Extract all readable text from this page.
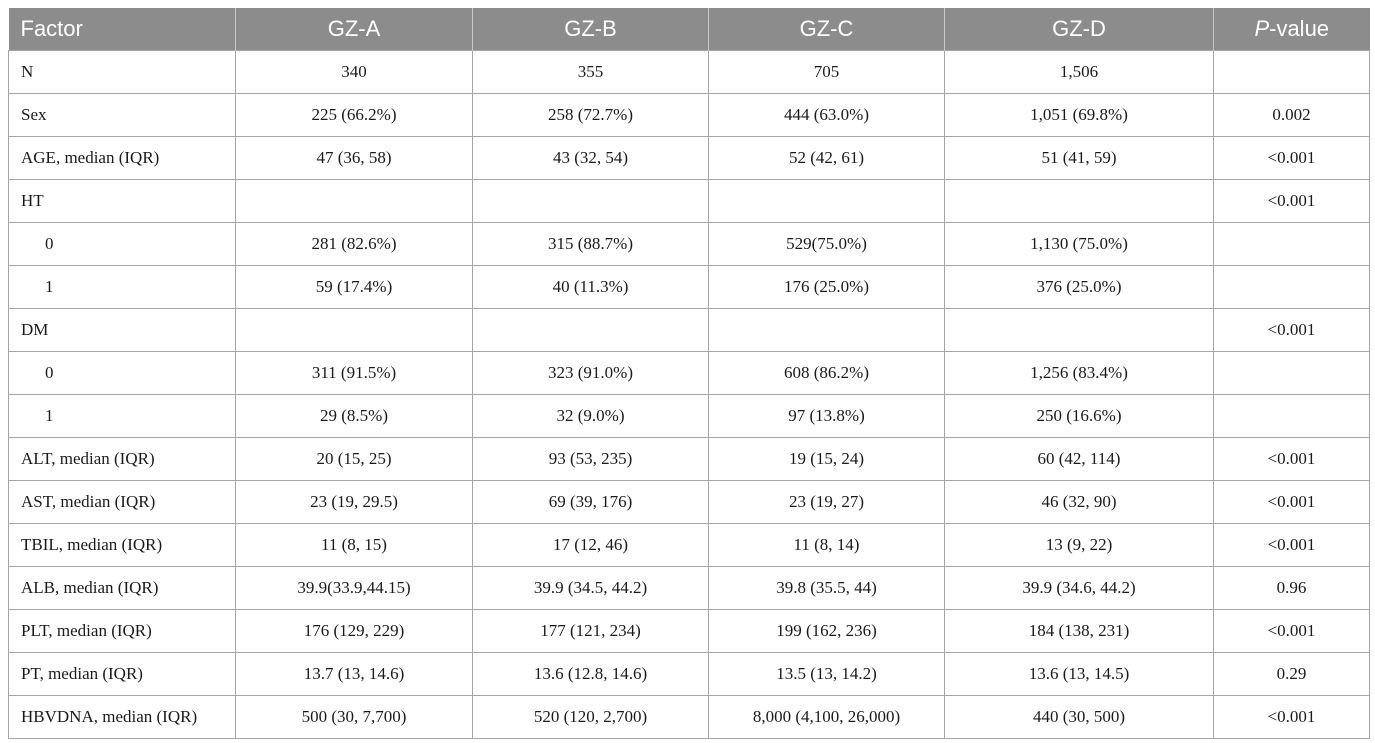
Factor	GZ-A	GZ-B	GZ-C	GZ-D	P-value
N	340	355	705	1,506	
Sex	225 (66.2%)	258 (72.7%)	444 (63.0%)	1,051 (69.8%)	0.002
AGE, median (IQR)	47 (36, 58)	43 (32, 54)	52 (42, 61)	51 (41, 59)	<0.001
HT					<0.001
0	281 (82.6%)	315 (88.7%)	529(75.0%)	1,130 (75.0%)	
1	59 (17.4%)	40 (11.3%)	176 (25.0%)	376 (25.0%)	
DM					<0.001
0	311 (91.5%)	323 (91.0%)	608 (86.2%)	1,256 (83.4%)	
1	29 (8.5%)	32 (9.0%)	97 (13.8%)	250 (16.6%)	
ALT, median (IQR)	20 (15, 25)	93 (53, 235)	19 (15, 24)	60 (42, 114)	<0.001
AST, median (IQR)	23 (19, 29.5)	69 (39, 176)	23 (19, 27)	46 (32, 90)	<0.001
TBIL, median (IQR)	11 (8, 15)	17 (12, 46)	11 (8, 14)	13 (9, 22)	<0.001
ALB, median (IQR)	39.9(33.9,44.15)	39.9 (34.5, 44.2)	39.8 (35.5, 44)	39.9 (34.6, 44.2)	0.96
PLT, median (IQR)	176 (129, 229)	177 (121, 234)	199 (162, 236)	184 (138, 231)	<0.001
PT, median (IQR)	13.7 (13, 14.6)	13.6 (12.8, 14.6)	13.5 (13, 14.2)	13.6 (13, 14.5)	0.29
HBVDNA, median (IQR)	500 (30, 7,700)	520 (120, 2,700)	8,000 (4,100, 26,000)	440 (30, 500)	<0.001
